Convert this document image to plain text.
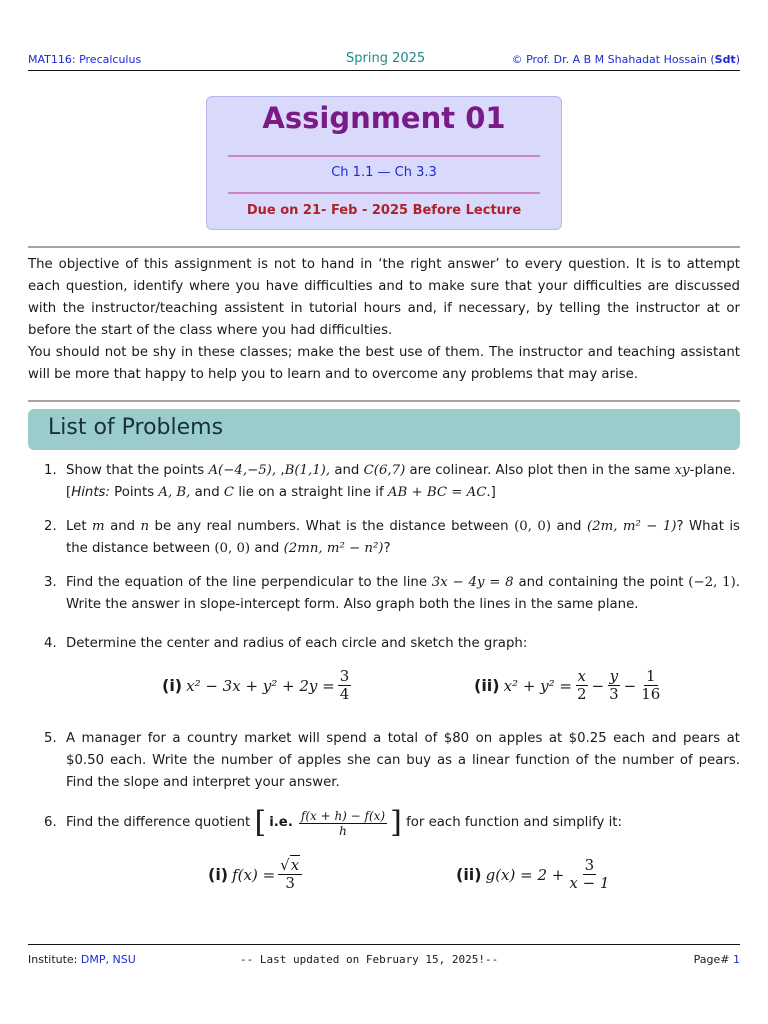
MAT116: Precalculus	Spring 2025	© Prof. Dr. A B M Shahadat Hossain (Sdt)
Assignment 01
Ch 1.1 — Ch 3.3
Due on 21- Feb - 2025 Before Lecture

The objective of this assignment is not to hand in ‘the right answer’ to every question. It is to attempt each question, identify where you have difficulties and to make sure that your difficulties are discussed with the instructor/teaching assistent in tutorial hours and, if necessary, by telling the instructor at or before the start of the class where you had difficulties.

You should not be shy in these classes; make the best use of them. The instructor and teaching assistant will be more that happy to help you to learn and to overcome any problems that may arise.

List of Problems
1. Show that the points A(−4,−5), ,B(1,1), and C(6,7) are colinear. Also plot then in the same xy-plane.
[Hints: Points A, B, and C lie on a straight line if AB + BC = AC.]
2. Let m and n be any real numbers. What is the distance between (0, 0) and (2m, m² − 1)? What is the distance between (0, 0) and (2mn, m² − n²)?
3. Find the equation of the line perpendicular to the line 3x − 4y = 8 and containing the point (−2, 1). Write the answer in slope-intercept form. Also graph both the lines in the same plane.
4. Determine the center and radius of each circle and sketch the graph:
(i) $x^2 - 3x + y^2 + 2y = \frac{3}{4}$	(ii) $x^2 + y^2 = \frac{x}{2} - \frac{y}{3} - \frac{1}{16}$
5. A manager for a country market will spend a total of $80 on apples at $0.25 each and pears at $0.50 each. Write the number of apples she can buy as a linear function of the number of pears. Find the slope and interpret your answer.
6. Find the difference quotient [ i.e. $\frac{f(x + h) - f(x)}{h}$ ] for each function and simplify it:
(i) $f(x) = \frac{√x}{3}$	(ii) $g(x) = 2 + \frac{3}{x - 1}$
Institute: DMP, NSU	-- Last updated on February 15, 2025!--	Page# 1
